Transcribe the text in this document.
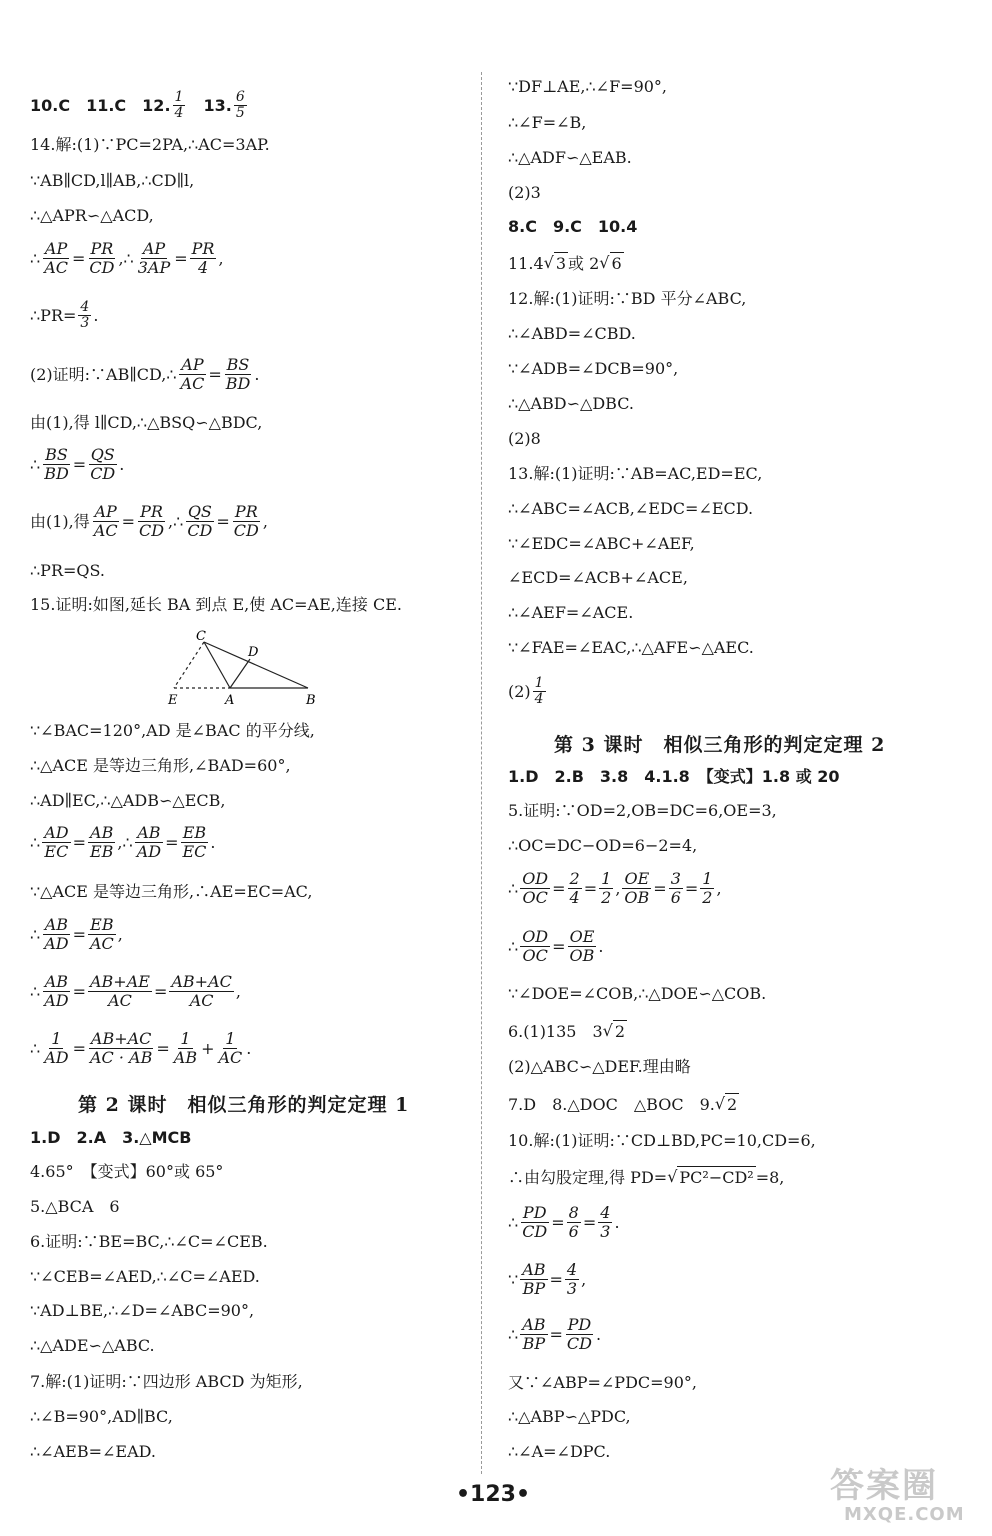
10.C　11.C　12. $\frac{1}{4}$ 　13. $\frac{6}{5}$
14.解:(1)∵PC=2PA,∴AC=3AP.
∵AB∥CD,l∥AB,∴CD∥l,
∴△APR∽△ACD,
∴ $\frac{AP}{AC} = \frac{PR}{CD}$ ,∴ $\frac{AP}{3AP} = \frac{PR}{4}$ ,
∴PR= $\frac{4}{3}$ .
(2)证明:∵AB∥CD,∴ $\frac{AP}{AC} = \frac{BS}{BD}$ .
由(1),得 l∥CD,∴△BSQ∽△BDC,
∴ $\frac{BS}{BD} = \frac{QS}{CD}$ .
由(1),得 $\frac{AP}{AC} = \frac{PR}{CD}$ ,∴ $\frac{QS}{CD} = \frac{PR}{CD}$ ,
∴PR=QS.
15.证明:如图,延长 BA 到点 E,使 AC=AE,连接 CE.
C
D
E	A	B
∵∠BAC=120°,AD 是∠BAC 的平分线,
∴△ACE 是等边三角形,∠BAD=60°,
∴AD∥EC,∴△ADB∽△ECB,
∴ $\frac{AD}{EC} = \frac{AB}{EB}$ ,∴ $\frac{AB}{AD} = \frac{EB}{EC}$ .
∵△ACE 是等边三角形,∴AE=EC=AC,
∴ $\frac{AB}{AD} = \frac{EB}{AC}$ ,
∴ $\frac{AB}{AD} = \frac{AB+AE}{AC} = \frac{AB+AC}{AC}$ ,
∴ $\frac{1}{AD} = \frac{AB+AC}{AC \cdot AB} = \frac{1}{AB} + \frac{1}{AC}$ .
第 2 课时　相似三角形的判定定理 1
1.D　2.A　3.△MCB
4.65°　【变式】60°或 65°
5.△BCA　6
6.证明:∵BE=BC,∴∠C=∠CEB.
∵∠CEB=∠AED,∴∠C=∠AED.
∵AD⊥BE,∴∠D=∠ABC=90°,
∴△ADE∽△ABC.
7.解:(1)证明:∵四边形 ABCD 为矩形,
∴∠B=90°,AD∥BC,
∴∠AEB=∠EAD.
∵DF⊥AE,∴∠F=90°,
∴∠F=∠B,
∴△ADF∽△EAB.
(2)3
8.C　9.C　10.4
11.4 √ 3 或 2 √ 6
12.解:(1)证明:∵BD 平分∠ABC,
∴∠ABD=∠CBD.
∵∠ADB=∠DCB=90°,
∴△ABD∽△DBC.
(2)8
13.解:(1)证明:∵AB=AC,ED=EC,
∴∠ABC=∠ACB,∠EDC=∠ECD.
∵∠EDC=∠ABC+∠AEF,
∠ECD=∠ACB+∠ACE,
∴∠AEF=∠ACE.
∵∠FAE=∠EAC,∴△AFE∽△AEC.
$(2) \frac{1}{4}$
第 3 课时　相似三角形的判定定理 2
1.D　2.B　3.8　4.1.8　【变式】1.8 或 20
5.证明:∵OD=2,OB=DC=6,OE=3,
∴OC=DC−OD=6−2=4,
∴ $\frac{OD}{OC} = \frac{2}{4} = \frac{1}{2}$ , $\frac{OE}{OB} = \frac{3}{6} = \frac{1}{2}$ ,
∴ $\frac{OD}{OC} = \frac{OE}{OB}$ .
∵∠DOE=∠COB,∴△DOE∽△COB.
6.(1)135　3 √ 2
(2)△ABC∽△DEF.理由略
7.D　8.△DOC　△BOC　9. √ 2
10.解:(1)证明:∵CD⊥BD,PC=10,CD=6,
∴由勾股定理,得 PD= √ PC²−CD² =8,
∴ $\frac{PD}{CD} = \frac{8}{6} = \frac{4}{3}$ .
∵ $\frac{AB}{BP} = \frac{4}{3}$ ,
∴ $\frac{AB}{BP} = \frac{PD}{CD}$ .
又∵∠ABP=∠PDC=90°,
∴△ABP∽△PDC,
∴∠A=∠DPC.
•123•	答案圈
MXQE.COM
